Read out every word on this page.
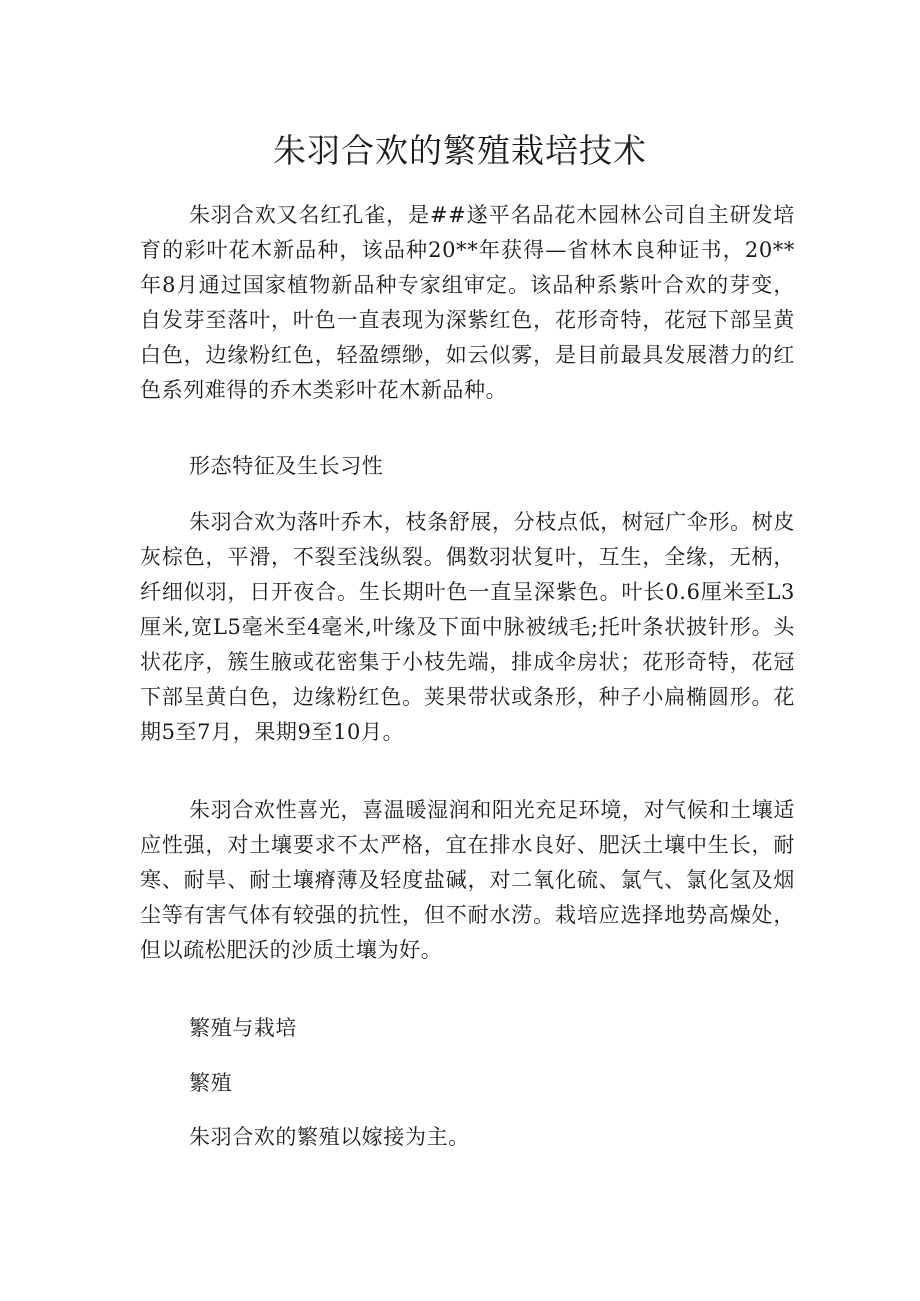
朱羽合欢的繁殖栽培技术

朱羽合欢又名红孔雀，是##遂平名品花木园林公司自主研发培育的彩叶花木新品种，该品种20**年获得—省林木良种证书，20**年8月通过国家植物新品种专家组审定。该品种系紫叶合欢的芽变，自发芽至落叶，叶色一直表现为深紫红色，花形奇特，花冠下部呈黄白色，边缘粉红色，轻盈缥缈，如云似雾，是目前最具发展潜力的红色系列难得的乔木类彩叶花木新品种。

形态特征及生长习性

朱羽合欢为落叶乔木，枝条舒展，分枝点低，树冠广伞形。树皮灰棕色，平滑，不裂至浅纵裂。偶数羽状复叶，互生，全缘，无柄，纤细似羽，日开夜合。生长期叶色一直呈深紫色。叶长0.6厘米至L3厘米,宽L5毫米至4毫米,叶缘及下面中脉被绒毛;托叶条状披针形。头状花序，簇生腋或花密集于小枝先端，排成伞房状；花形奇特，花冠下部呈黄白色，边缘粉红色。荚果带状或条形，种子小扁椭圆形。花期5至7月，果期9至10月。

朱羽合欢性喜光，喜温暖湿润和阳光充足环境，对气候和土壤适应性强，对土壤要求不太严格，宜在排水良好、肥沃土壤中生长，耐寒、耐旱、耐土壤瘠薄及轻度盐碱，对二氧化硫、氯气、氯化氢及烟尘等有害气体有较强的抗性，但不耐水涝。栽培应选择地势高燥处，但以疏松肥沃的沙质土壤为好。

繁殖与栽培

繁殖

朱羽合欢的繁殖以嫁接为主。
